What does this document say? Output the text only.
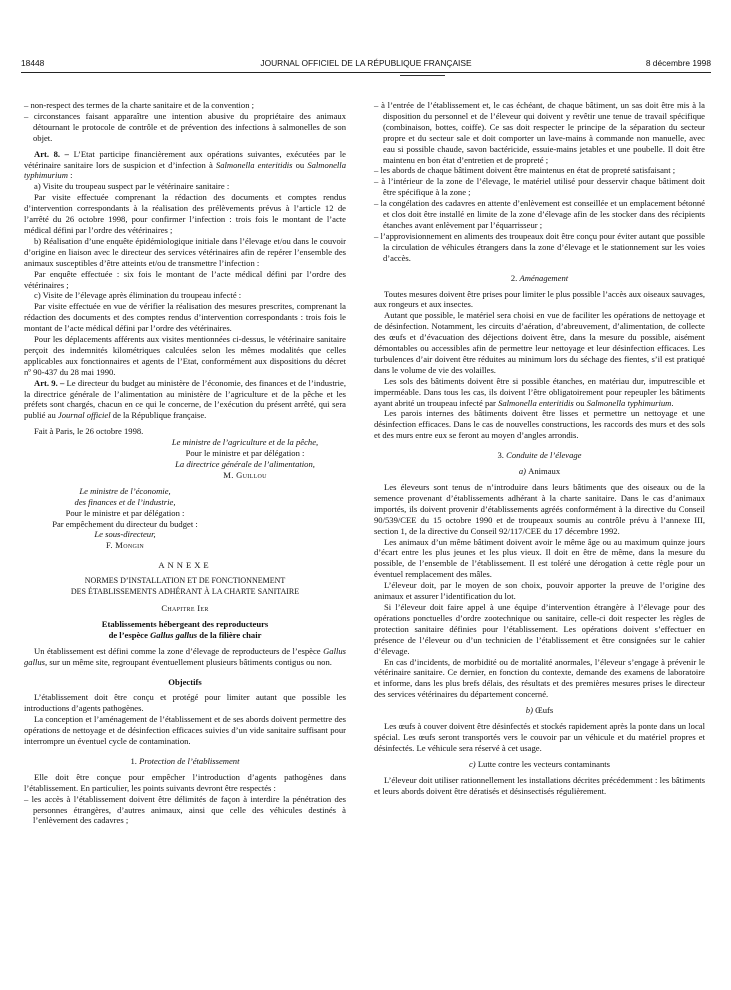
18448	JOURNAL OFFICIEL DE LA RÉPUBLIQUE FRANÇAISE	8 décembre 1998

– non-respect des termes de la charte sanitaire et de la convention ;

– circonstances faisant apparaître une intention abusive du propriétaire des animaux détournant le protocole de contrôle et de prévention des infections à salmonelles de son objet.

Art. 8. – L’Etat participe financièrement aux opérations suivantes, exécutées par le vétérinaire sanitaire lors de suspicion et d’infection à Salmonella enteritidis ou Salmonella typhimurium :

a) Visite du troupeau suspect par le vétérinaire sanitaire :

Par visite effectuée comprenant la rédaction des documents et comptes rendus d’intervention correspondants à la réalisation des prélèvements prévus à l’article 12 de l’arrêté du 26 octobre 1998, pour confirmer l’infection : trois fois le montant de l’acte médical défini par l’ordre des vétérinaires ;

b) Réalisation d’une enquête épidémiologique initiale dans l’élevage et/ou dans le couvoir d’origine en liaison avec le directeur des services vétérinaires afin de repérer l’ensemble des animaux susceptibles d’être atteints et/ou de transmettre l’infection :

Par enquête effectuée : six fois le montant de l’acte médical défini par l’ordre des vétérinaires ;

c) Visite de l’élevage après élimination du troupeau infecté :

Par visite effectuée en vue de vérifier la réalisation des mesures prescrites, comprenant la rédaction des documents et des comptes rendus d’intervention correspondants : trois fois le montant de l’acte médical défini par l’ordre des vétérinaires.

Pour les déplacements afférents aux visites mentionnées ci-dessus, le vétérinaire sanitaire perçoit des indemnités kilométriques calculées selon les mêmes modalités que celles applicables aux fonctionnaires et agents de l’Etat, conformément aux dispositions du décret nº 90-437 du 28 mai 1990.

Art. 9. – Le directeur du budget au ministère de l’économie, des finances et de l’industrie, la directrice générale de l’alimentation au ministère de l’agriculture et de la pêche et les préfets sont chargés, chacun en ce qui le concerne, de l’exécution du présent arrêté, qui sera publié au Journal officiel de la République française.

Fait à Paris, le 26 octobre 1998.

Le ministre de l’agriculture et de la pêche,

Pour le ministre et par délégation :

La directrice générale de l’alimentation,

M. Guillou

Le ministre de l’économie,

des finances et de l’industrie,

Pour le ministre et par délégation :

Par empêchement du directeur du budget :

Le sous-directeur,

F. Mongin

ANNEXE

NORMES D’INSTALLATION ET DE FONCTIONNEMENT

DES ÉTABLISSEMENTS ADHÉRANT À LA CHARTE SANITAIRE

Chapitre Ier

Etablissements hébergeant des reproducteurs

de l’espèce Gallus gallus de la filière chair

Un établissement est défini comme la zone d’élevage de reproducteurs de l’espèce Gallus gallus, sur un même site, regroupant éventuellement plusieurs bâtiments contigus ou non.

Objectifs

L’établissement doit être conçu et protégé pour limiter autant que possible les introductions d’agents pathogènes.

La conception et l’aménagement de l’établissement et de ses abords doivent permettre des opérations de nettoyage et de désinfection efficaces suivies d’un vide sanitaire suffisant pour interrompre un éventuel cycle de contamination.

1. Protection de l’établissement

Elle doit être conçue pour empêcher l’introduction d’agents pathogènes dans l’établissement. En particulier, les points suivants devront être respectés :

– les accès à l’établissement doivent être délimités de façon à interdire la pénétration des personnes étrangères, d’autres animaux, ainsi que celle des véhicules destinés à l’enlèvement des cadavres ;

– à l’entrée de l’établissement et, le cas échéant, de chaque bâtiment, un sas doit être mis à la disposition du personnel et de l’éleveur qui doivent y revêtir une tenue de travail spécifique (combinaison, bottes, coiffe). Ce sas doit respecter le principe de la séparation du secteur propre et du secteur sale et doit comporter un lave-mains à commande non manuelle, avec eau si possible chaude, savon bactéricide, essuie-mains jetables et une poubelle. Il doit être maintenu en bon état d’entretien et de propreté ;

– les abords de chaque bâtiment doivent être maintenus en état de propreté satisfaisant ;

– à l’intérieur de la zone de l’élevage, le matériel utilisé pour desservir chaque bâtiment doit être spécifique à la zone ;

– la congélation des cadavres en attente d’enlèvement est conseillée et un emplacement bétonné et clos doit être installé en limite de la zone d’élevage afin de les stocker dans des récipients étanches avant enlèvement par l’équarrisseur ;

– l’approvisionnement en aliments des troupeaux doit être conçu pour éviter autant que possible la circulation de véhicules étrangers dans la zone d’élevage et le stationnement sur les voies d’accès.

2. Aménagement

Toutes mesures doivent être prises pour limiter le plus possible l’accès aux oiseaux sauvages, aux rongeurs et aux insectes.

Autant que possible, le matériel sera choisi en vue de faciliter les opérations de nettoyage et de désinfection. Notamment, les circuits d’aération, d’abreuvement, d’alimentation, de collecte des œufs et d’évacuation des déjections doivent être, dans la mesure du possible, aisément démontables ou accessibles afin de permettre leur nettoyage et leur désinfection efficaces. Les turbulences d’air doivent être réduites au minimum lors du séchage des fientes, s’il est pratiqué dans le volume de vie des volailles.

Les sols des bâtiments doivent être si possible étanches, en matériau dur, imputrescible et imperméable. Dans tous les cas, ils doivent l’être obligatoirement pour repeupler les bâtiments ayant abrité un troupeau infecté par Salmonella enteritidis ou Salmonella typhimurium.

Les parois internes des bâtiments doivent être lisses et permettre un nettoyage et une désinfection efficaces. Dans le cas de nouvelles constructions, les raccords des murs et des sols et des murs entre eux se feront au moyen d’angles arrondis.

3. Conduite de l’élevage

a) Animaux

Les éleveurs sont tenus de n’introduire dans leurs bâtiments que des oiseaux ou de la semence provenant d’établissements adhérant à la charte sanitaire. Dans le cas d’animaux importés, ils doivent provenir d’établissements agréés conformément à la directive du Conseil 90/539/CEE du 15 octobre 1990 et de troupeaux soumis au contrôle prévu à l’annexe III, section 1, de la directive du Conseil 92/117/CEE du 17 décembre 1992.

Les animaux d’un même bâtiment doivent avoir le même âge ou au maximum quinze jours d’écart entre les plus jeunes et les plus vieux. Il doit en être de même, dans la mesure du possible, de l’ensemble de l’établissement. Il est toléré une dérogation à cette règle pour un éventuel remplacement des mâles.

L’éleveur doit, par le moyen de son choix, pouvoir apporter la preuve de l’origine des animaux et assurer l’identification du lot.

Si l’éleveur doit faire appel à une équipe d’intervention étrangère à l’élevage pour des opérations ponctuelles d’ordre zootechnique ou sanitaire, celle-ci doit respecter les règles de protection sanitaire définies pour l’établissement. Les opérations doivent s’effectuer en présence de l’éleveur ou d’un technicien de l’établissement et être consignées sur le cahier d’élevage.

En cas d’incidents, de morbidité ou de mortalité anormales, l’éleveur s’engage à prévenir le vétérinaire sanitaire. Ce dernier, en fonction du contexte, demande des examens de laboratoire et informe, dans les plus brefs délais, des résultats et des premières mesures prises le directeur des services vétérinaires du département concerné.

b) Œufs

Les œufs à couver doivent être désinfectés et stockés rapidement après la ponte dans un local spécial. Les œufs seront transportés vers le couvoir par un véhicule et du matériel propres et désinfectés. Le véhicule sera réservé à cet usage.

c) Lutte contre les vecteurs contaminants

L’éleveur doit utiliser rationnellement les installations décrites précédemment : les bâtiments et leurs abords doivent être dératisés et désinsectisés régulièrement.
